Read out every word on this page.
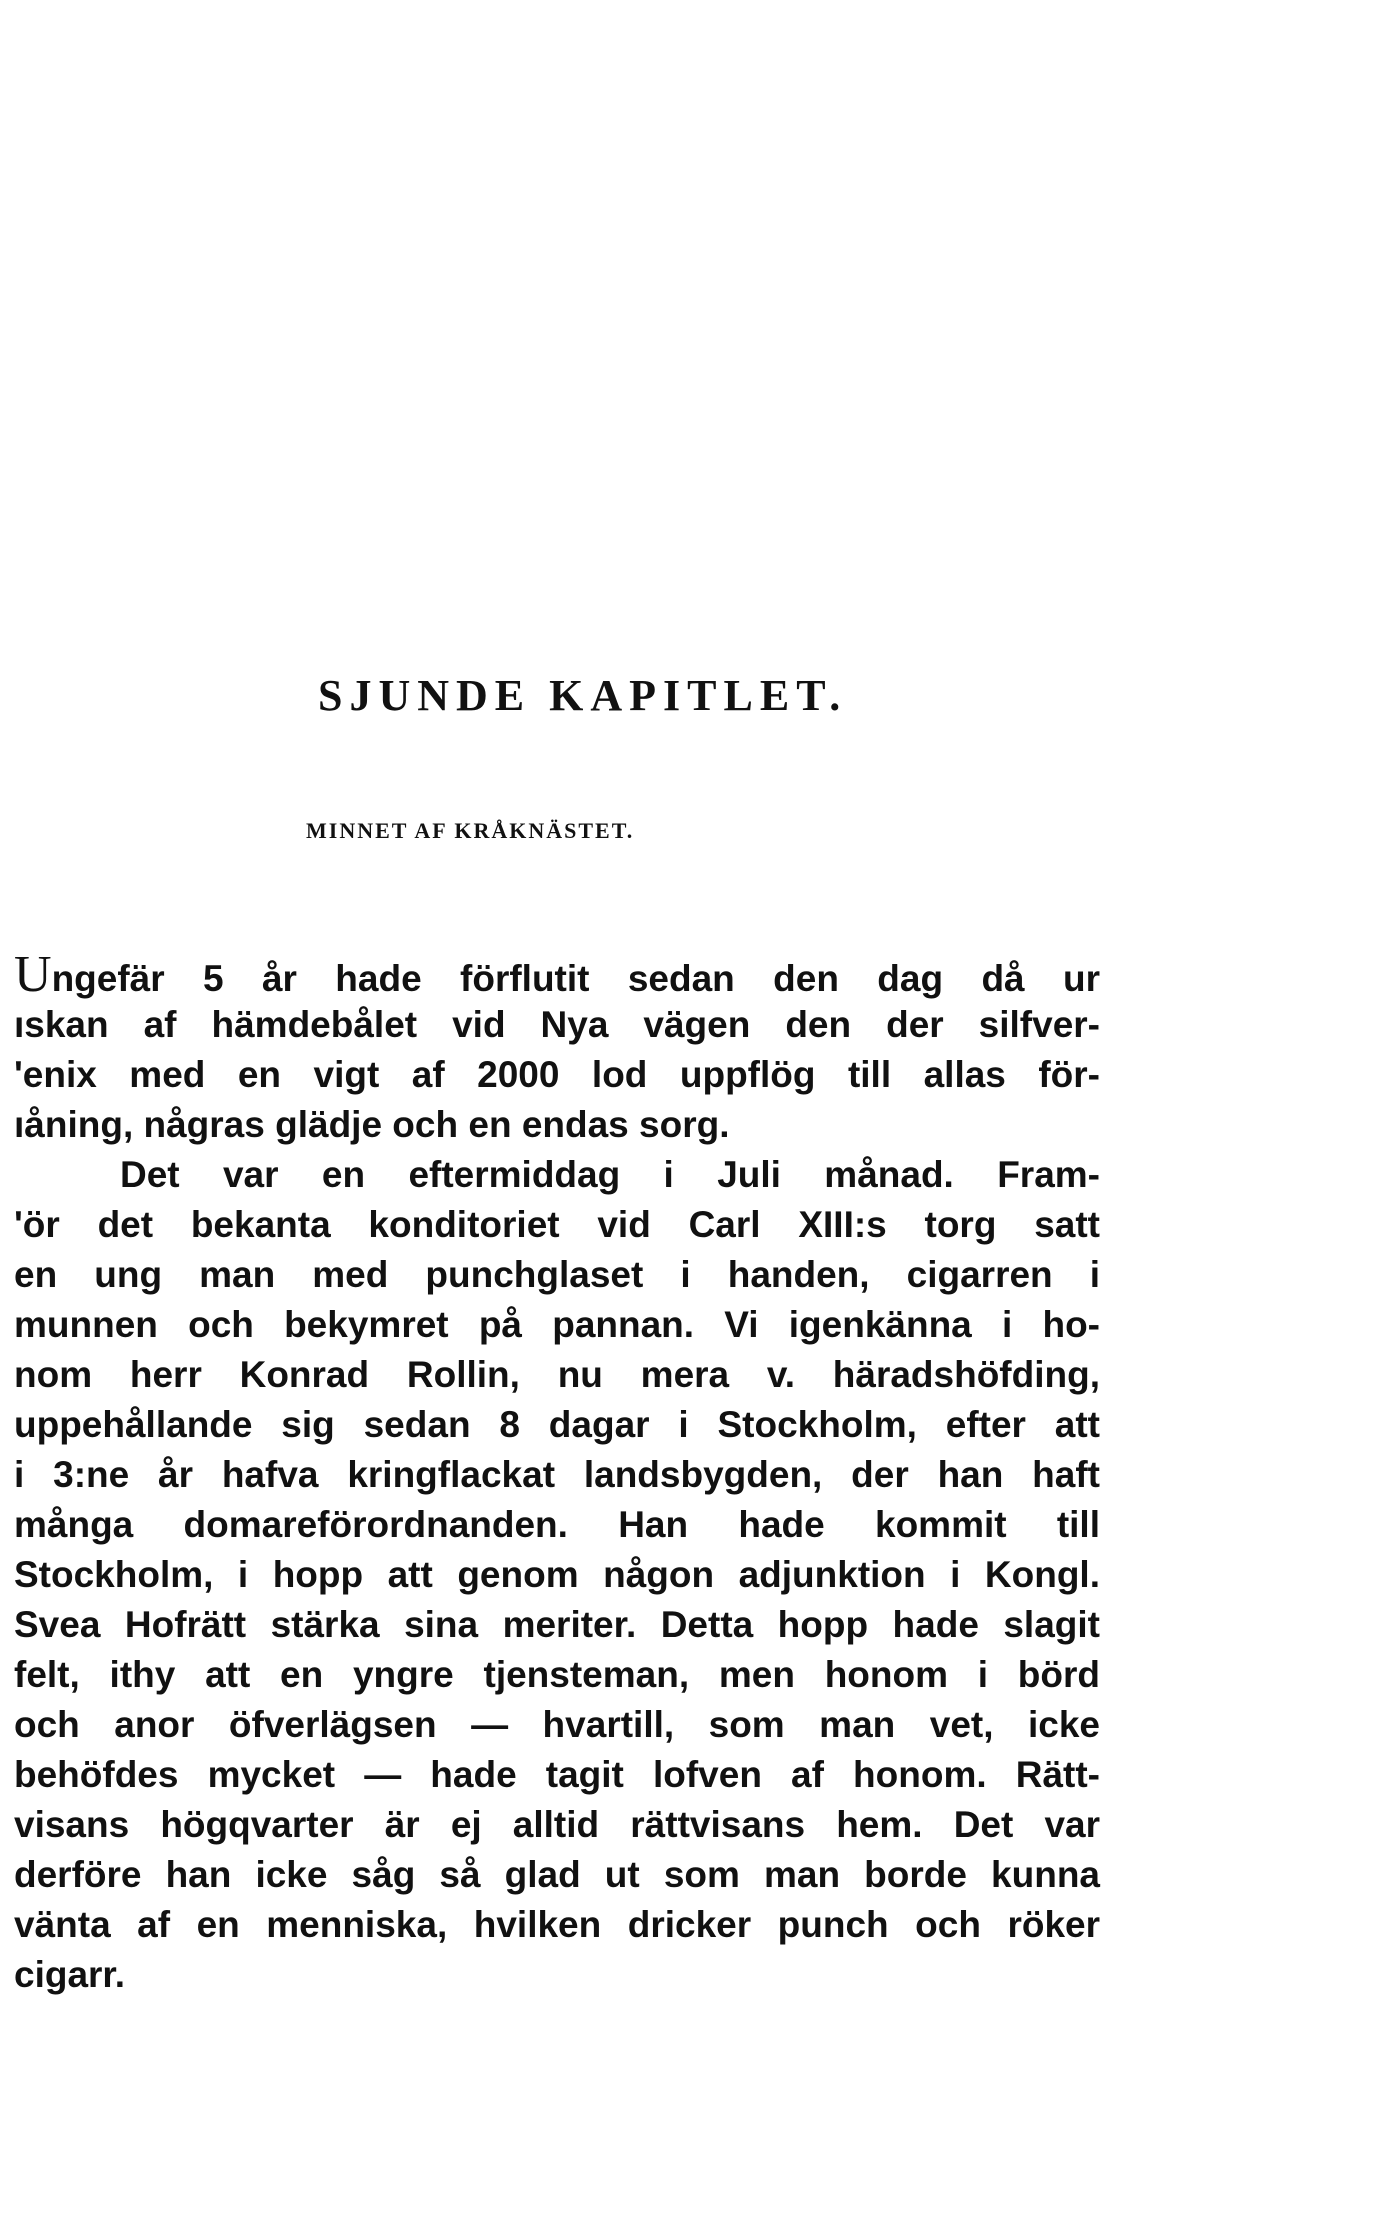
SJUNDE KAPITLET.
MINNET AF KRÅKNÄSTET.
Ungefär 5 år hade förflutit sedan den dag då ur
ıskan af hämdebålet vid Nya vägen den der silfver-
'enix med en vigt af 2000 lod uppflög till allas för-
ıåning, någras glädje och en endas sorg.
Det var en eftermiddag i Juli månad. Fram-
'ör det bekanta konditoriet vid Carl XIII:s torg satt
en ung man med punchglaset i handen, cigarren i
munnen och bekymret på pannan. Vi igenkänna i ho-
nom herr Konrad Rollin, nu mera v. häradshöfding,
uppehållande sig sedan 8 dagar i Stockholm, efter att
i 3:ne år hafva kringflackat landsbygden, der han haft
många domareförordnanden. Han hade kommit till
Stockholm, i hopp att genom någon adjunktion i Kongl.
Svea Hofrätt stärka sina meriter. Detta hopp hade slagit
felt, ithy att en yngre tjensteman, men honom i börd
och anor öfverlägsen — hvartill, som man vet, icke
behöfdes mycket — hade tagit lofven af honom. Rätt-
visans högqvarter är ej alltid rättvisans hem. Det var
derföre han icke såg så glad ut som man borde kunna
vänta af en menniska, hvilken dricker punch och röker
cigarr.
